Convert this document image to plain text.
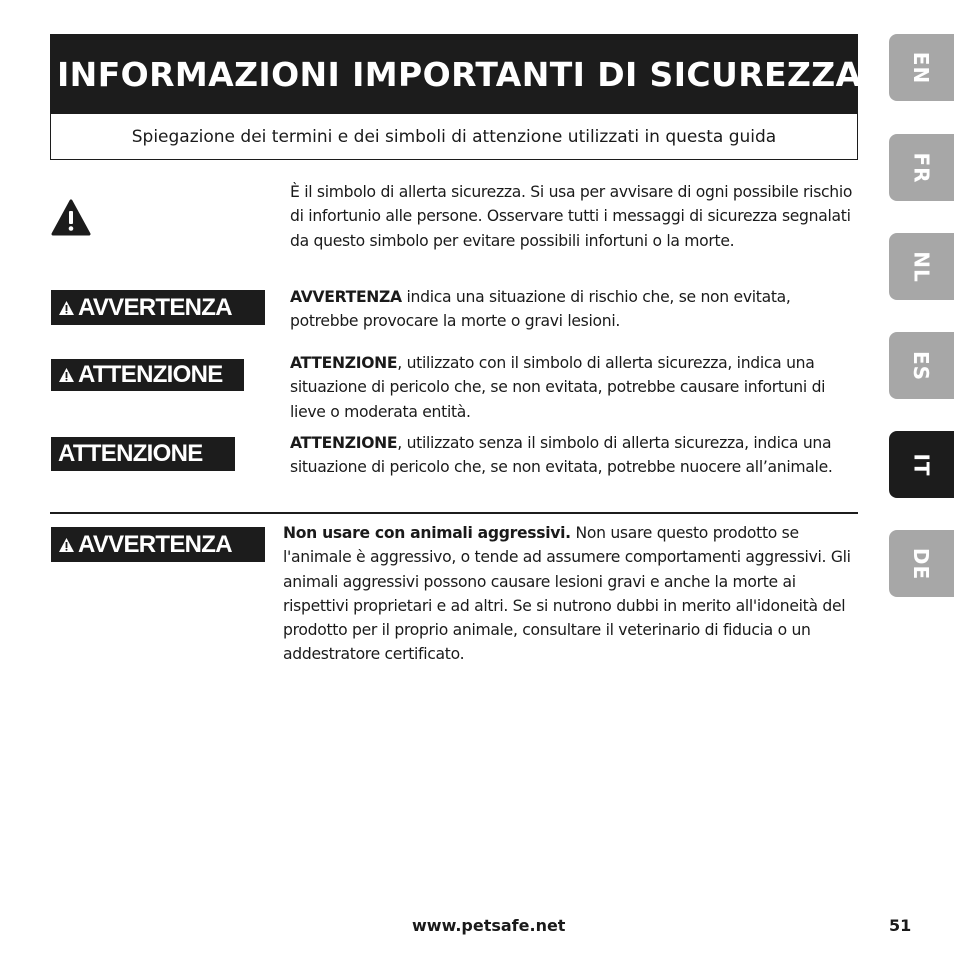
INFORMAZIONI IMPORTANTI DI SICUREZZA
Spiegazione dei termini e dei simboli di attenzione utilizzati in questa guida

È il simbolo di allerta sicurezza. Si usa per avvisare di ogni possibile rischio di infortunio alle persone. Osservare tutti i messaggi di sicurezza segnalati da questo simbolo per evitare possibili infortuni o la morte.

AVVERTENZA	AVVERTENZA indica una situazione di rischio che, se non evitata, potrebbe provocare la morte o gravi lesioni.

ATTENZIONE	ATTENZIONE, utilizzato con il simbolo di allerta sicurezza, indica una situazione di pericolo che, se non evitata, potrebbe causare infortuni di lieve o moderata entità.

ATTENZIONE	ATTENZIONE, utilizzato senza il simbolo di allerta sicurezza, indica una situazione di pericolo che, se non evitata, potrebbe nuocere all’animale.

AVVERTENZA	Non usare con animali aggressivi. Non usare questo prodotto se l'animale è aggressivo, o tende ad assumere comportamenti aggressivi. Gli animali aggressivi possono causare lesioni gravi e anche la morte ai rispettivi proprietari e ad altri. Se si nutrono dubbi in merito all'idoneità del prodotto per il proprio animale, consultare il veterinario di fiducia o un addestratore certificato.

EN
FR
NL
ES
IT
DE
www.petsafe.net	51
